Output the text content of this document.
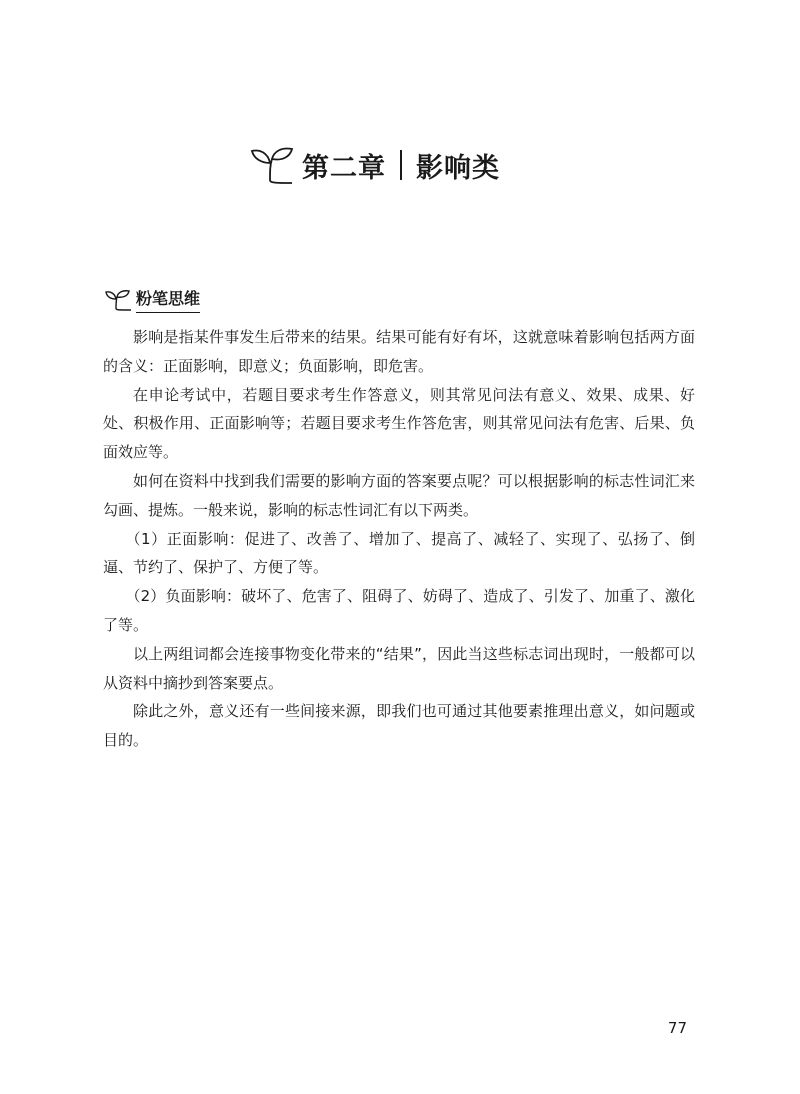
第二章 影响类
粉笔思维

影响是指某件事发生后带来的结果。结果可能有好有坏，这就意味着影响包括两方面的含义：正面影响，即意义；负面影响，即危害。

在申论考试中，若题目要求考生作答意义，则其常见问法有意义、效果、成果、好处、积极作用、正面影响等；若题目要求考生作答危害，则其常见问法有危害、后果、负面效应等。

如何在资料中找到我们需要的影响方面的答案要点呢？可以根据影响的标志性词汇来勾画、提炼。一般来说，影响的标志性词汇有以下两类。

（1）正面影响：促进了、改善了、增加了、提高了、减轻了、实现了、弘扬了、倒逼、节约了、保护了、方便了等。

（2）负面影响：破坏了、危害了、阻碍了、妨碍了、造成了、引发了、加重了、激化了等。

以上两组词都会连接事物变化带来的“结果”，因此当这些标志词出现时，一般都可以从资料中摘抄到答案要点。

除此之外，意义还有一些间接来源，即我们也可通过其他要素推理出意义，如问题或目的。

77
